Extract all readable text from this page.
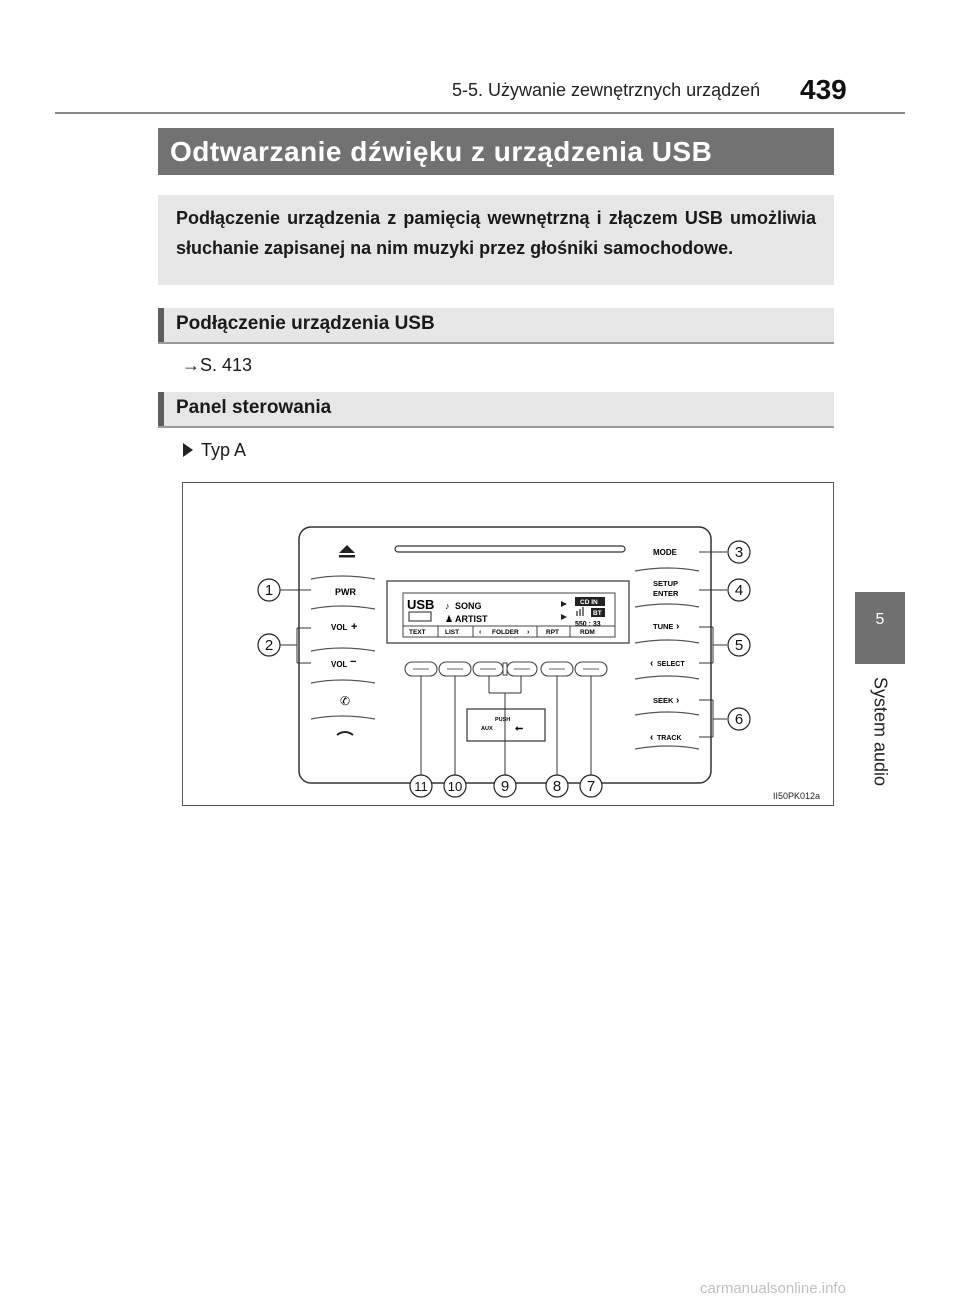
5-5. Używanie zewnętrznych urządzeń 439
5
System audio
Odtwarzanie dźwięku z urządzenia USB

Podłączenie urządzenia z pamięcią wewnętrzną i złączem USB umożliwia słuchanie zapisanej na nim muzyki przez głośniki samochodowe.

Podłączenie urządzenia USB
→S. 413
Panel sterowania
Typ A
PWR
VOL +
VOL −
✆
USB ♪ SONG
♟ ARTIST
CD IN
BT
550 : 33
TEXT	LIST	‹ FOLDER ›	RPT	RDM
PUSH
AUX ⭠
MODE
SETUP
ENTER
TUNE ›
‹ SELECT
SEEK ›
‹ TRACK
1
2
3
4
5
6
7
8
9
10
11
II50PK012a
carmanualsonline.info
